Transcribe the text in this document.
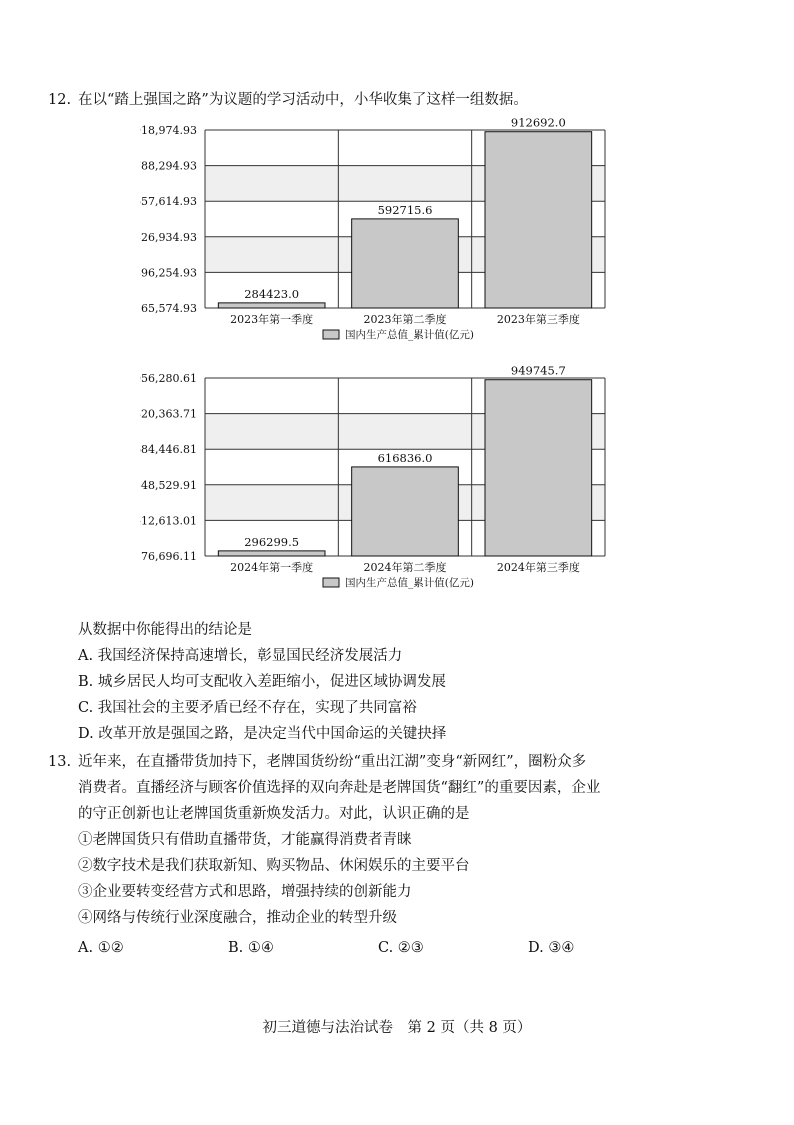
12. 在以“踏上强国之路”为议题的学习活动中，小华收集了这样一组数据。
265,574.93
396,254.93
526,934.93
657,614.93
788,294.93
918,974.93
284423.0
2023年第一季度
592715.6
2023年第二季度
912692.0
2023年第三季度
国内生产总值_累计值(亿元)
276,696.11
412,613.01
548,529.91
684,446.81
820,363.71
956,280.61
296299.5
2024年第一季度
616836.0
2024年第二季度
949745.7
2024年第三季度
国内生产总值_累计值(亿元)
从数据中你能得出的结论是
A. 我国经济保持高速增长，彰显国民经济发展活力
B. 城乡居民人均可支配收入差距缩小，促进区域协调发展
C. 我国社会的主要矛盾已经不存在，实现了共同富裕
D. 改革开放是强国之路，是决定当代中国命运的关键抉择
13. 近年来，在直播带货加持下，老牌国货纷纷“重出江湖”变身“新网红”，圈粉众多
消费者。直播经济与顾客价值选择的双向奔赴是老牌国货“翻红”的重要因素，企业
的守正创新也让老牌国货重新焕发活力。对此，认识正确的是
①老牌国货只有借助直播带货，才能赢得消费者青睐
②数字技术是我们获取新知、购买物品、休闲娱乐的主要平台
③企业要转变经营方式和思路，增强持续的创新能力
④网络与传统行业深度融合，推动企业的转型升级
A. ①②	B. ①④	C. ②③	D. ③④
初三道德与法治试卷　第 2 页（共 8 页）
